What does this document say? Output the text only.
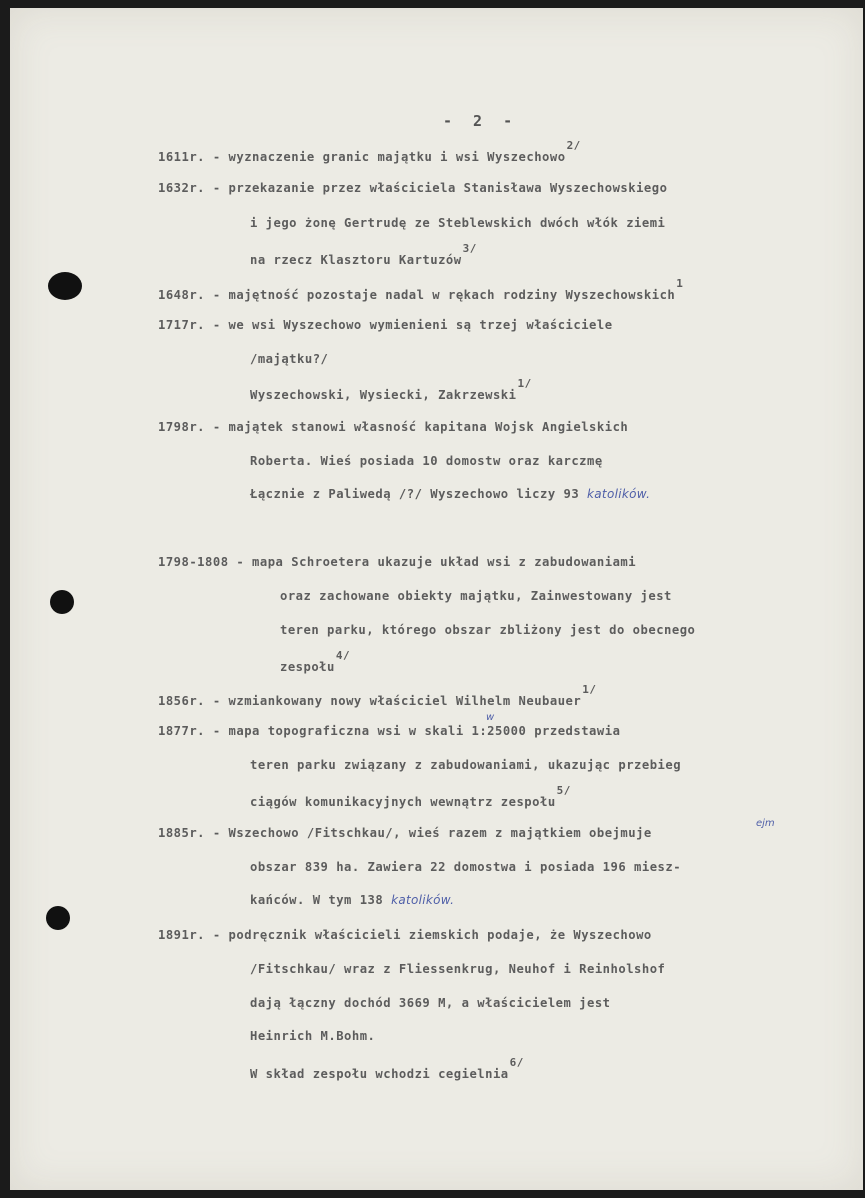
- 2 -
1611r. - wyznaczenie granic majątku i wsi Wyszechowo$^{2/}$
1632r. - przekazanie przez właściciela Stanisława Wyszechowskiego
i jego żonę Gertrudę ze Steblewskich dwóch włók ziemi
na rzecz Klasztoru Kartuzów$^{3/}$
1648r. - majętność pozostaje nadal w rękach rodziny Wyszechowskich$^1$
1717r. - we wsi Wyszechowo wymienieni są trzej właściciele
/majątku?/
Wyszechowski, Wysiecki, Zakrzewski$^{1/}$
1798r. - majątek stanowi własność kapitana Wojsk Angielskich
Roberta. Wieś posiada 10 domostw oraz karczmę
Łącznie z Paliwedą /?/ Wyszechowo liczy 93 katolików.
1798-1808 - mapa Schroetera ukazuje układ wsi z zabudowaniami
oraz zachowane obiekty majątku, Zainwestowany jest
teren parku, którego obszar zbliżony jest do obecnego
zespołu$^{4/}$
1856r. - wzmiankowany nowy właściciel Wilhelm Neubauer$^{1/}$
1877r. - mapa topograficzna wsi w skali 1:25000 przedstawia
w
teren parku związany z zabudowaniami, ukazując przebieg
ciągów komunikacyjnych wewnątrz zespołu$^{5/}$
1885r. - Wszechowo /Fitschkau/, wieś razem z majątkiem obejmuje
ejm
obszar 839 ha. Zawiera 22 domostwa i posiada 196 miesz-
kańców. W tym 138 katolików.
1891r. - podręcznik właścicieli ziemskich podaje, że Wyszechowo
/Fitschkau/ wraz z Fliessenkrug, Neuhof i Reinholshof
dają łączny dochód 3669 M, a właścicielem jest
Heinrich M.Bohm.
W skład zespołu wchodzi cegielnia$^{6/}$
